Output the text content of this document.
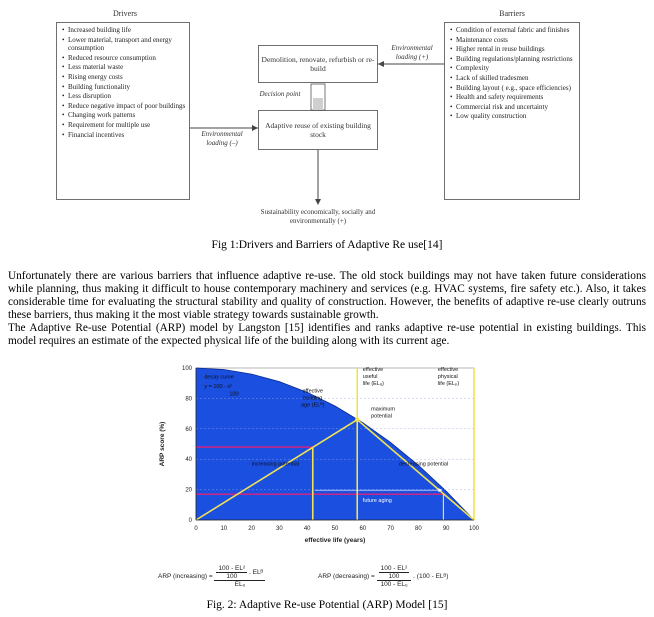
Drivers
• Increased building life
• Lower material, transport and energy consumption
• Reduced resource consumption
• Less material waste
• Rising energy costs
• Building functionality
• Less disruption
• Reduce negative impact of poor buildings
• Changing work patterns
• Requirement for multiple use
• Financial incentives
Barriers
• Condition of external fabric and finishes
• Maintenance costs
• Higher rental in reuse buildings
• Building regulations/planning restrictions
• Complexity
• Lack of skilled tradesmen
• Building layout ( e.g., space efficiencies)
• Health and safety requirements
• Commercial risk and uncertainty
• Low quality construction
Demolition, renovate, refurbish or re-build
Adaptive reuse of existing building stock
Decision point
Environmental loading (+)
Environmental loading (–)
Sustainability economically, socially and environmentally (+)
Fig 1:Drivers and Barriers of Adaptive Re use[14]

Unfortunately there are various barriers that influence adaptive re-use. The old stock buildings may not have taken future considerations while planning, thus making it difficult to house contemporary machinery and services (e.g. HVAC systems, fire safety etc.). Also, it takes considerable time for evaluating the structural stability and quality of construction. However, the benefits of adaptive re-use clearly outruns these barriers, thus making it the most viable strategy towards sustainable growth.

The Adaptive Re-use Potential (ARP) model by Langston [15] identifies and ranks adaptive re-use potential in existing buildings. This model requires an estimate of the expected physical life of the building along with its current age.

0	10	20	30	40	50	60	70	80	90	100
0
20
40
60
80
100
effective life (years)
ARP score (%)
decay curve
y = 100 - x²
100
effective building age (ELᴮ)
effective useful life (ELᵤ)
effective physical life (ELₚ)
maximum potential
increasing potential	decreasing potential
future aging
ARP (increasing) = $\frac{\frac{\text{100 - EL²}}{100} . ELᴮ}{\text{ELᵤ}}$	ARP (decreasing) = $\frac{\frac{\text{100 - EL²}}{100}}{\text{100 - ELᵤ}}$ . (100 - ELᴮ)
Fig. 2: Adaptive Re-use Potential (ARP) Model [15]
